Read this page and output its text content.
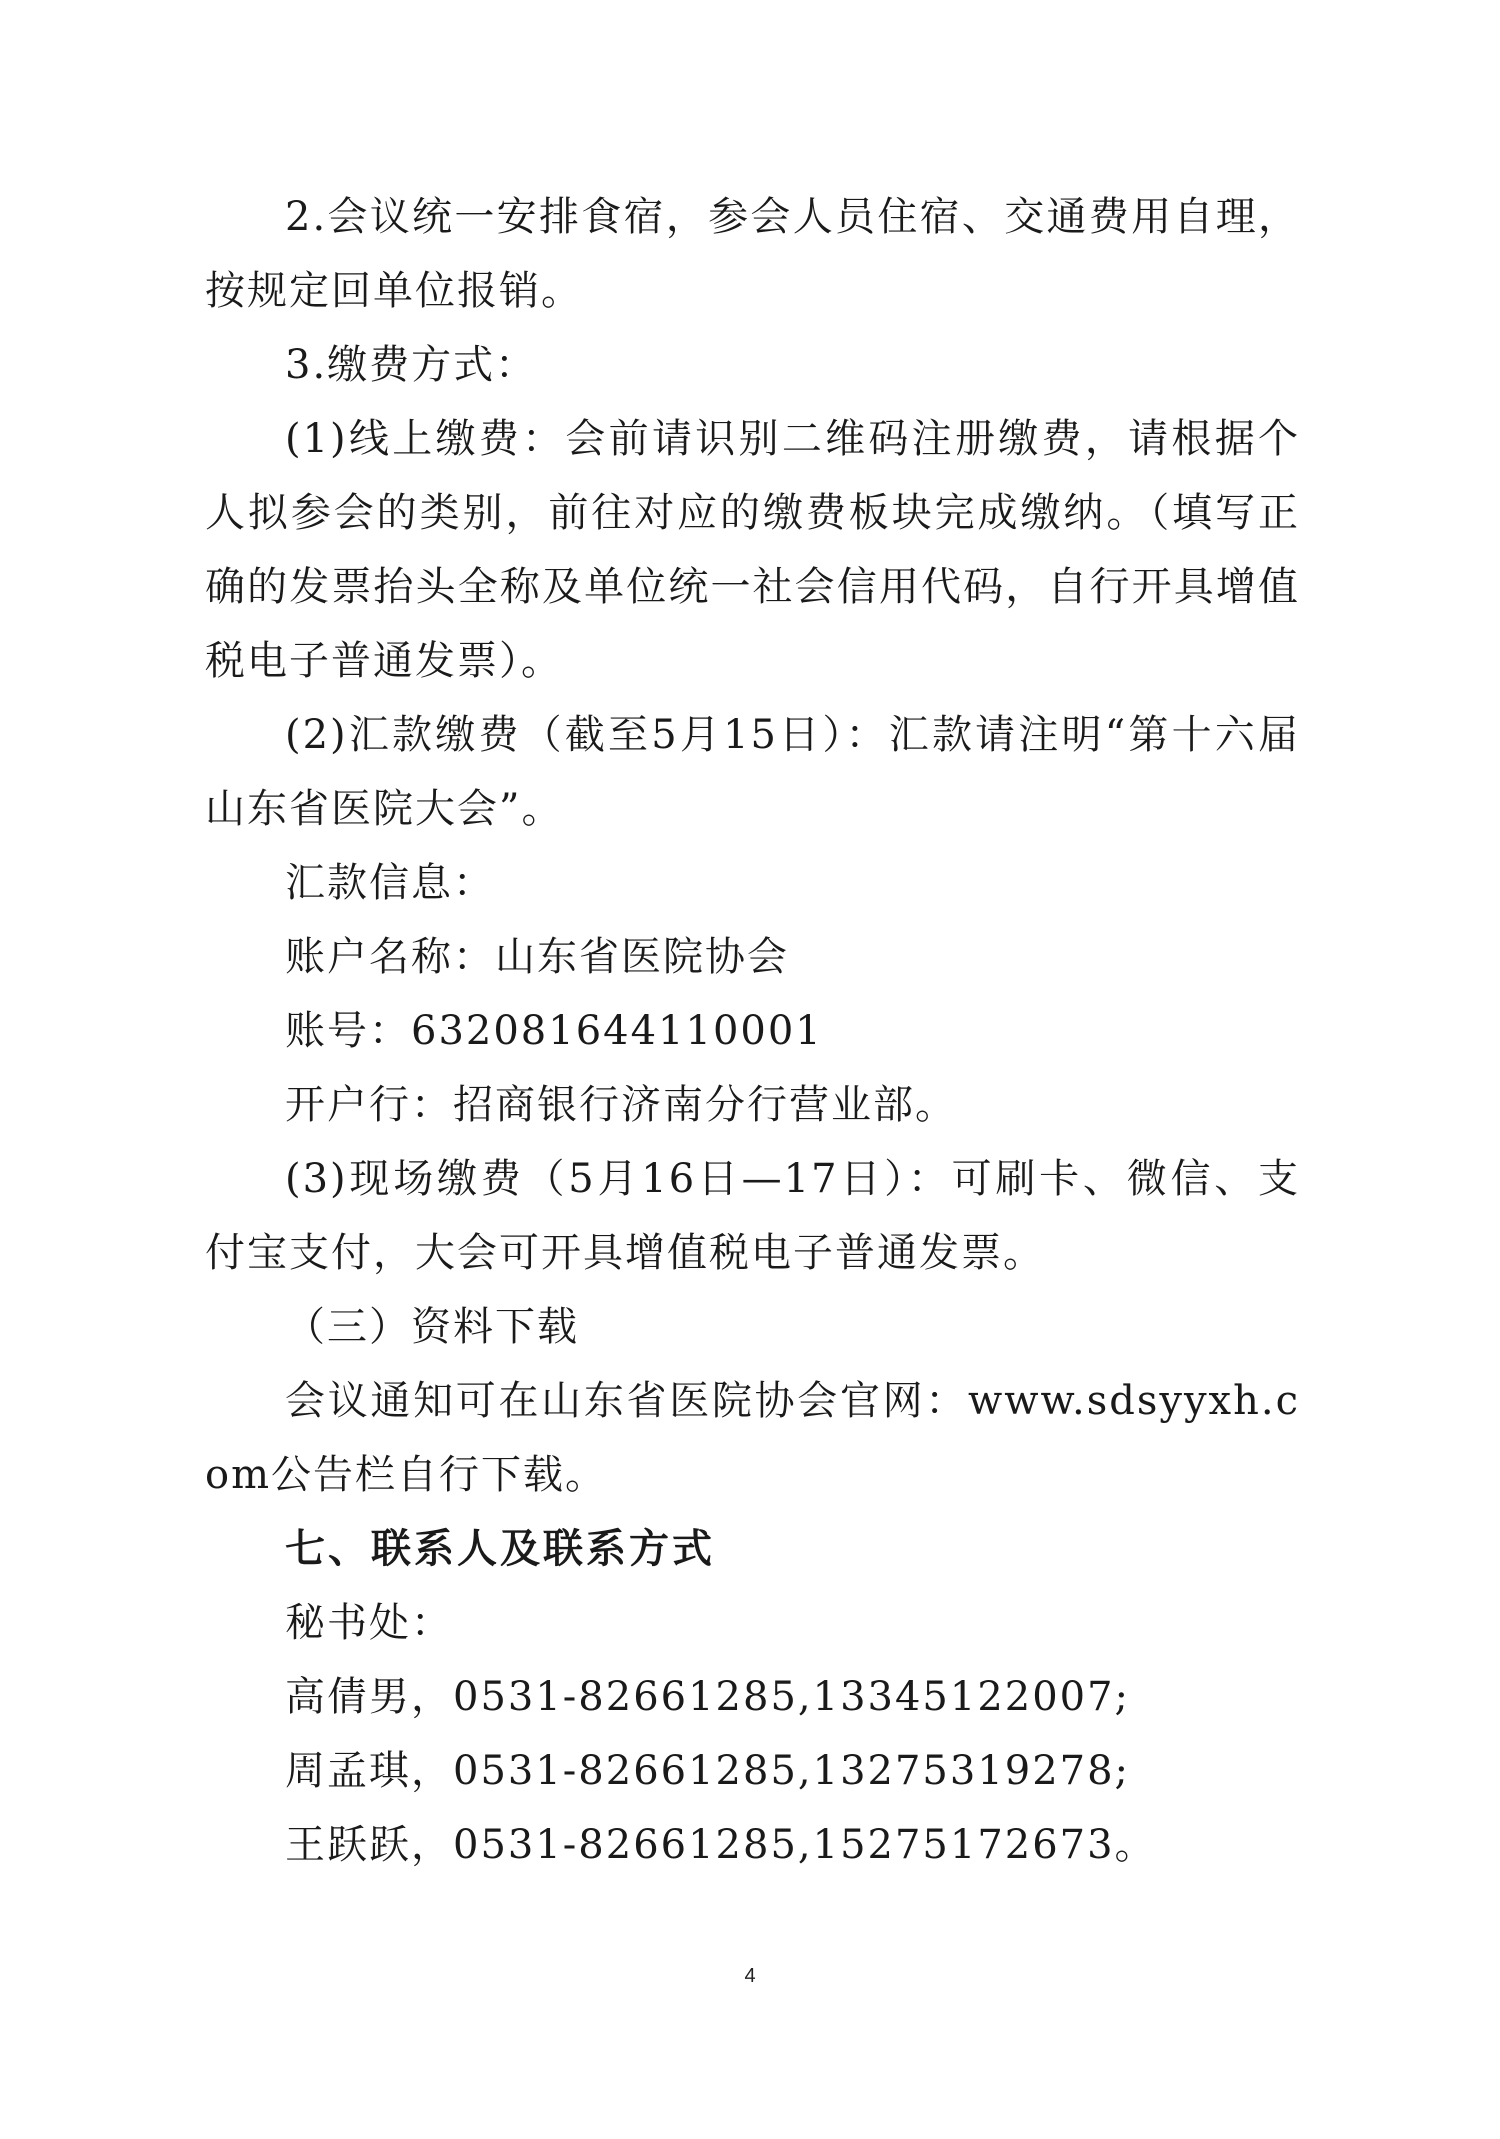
2.会议统一安排食宿，参会人员住宿、交通费用自理，按规定回单位报销。

3.缴费方式：

(1)线上缴费：会前请识别二维码注册缴费，请根据个人拟参会的类别，前往对应的缴费板块完成缴纳。（填写正确的发票抬头全称及单位统一社会信用代码，自行开具增值税电子普通发票）。

(2)汇款缴费（截至5月15日）：汇款请注明“第十六届山东省医院大会”。

汇款信息：

账户名称：山东省医院协会

账号：632081644110001

开户行：招商银行济南分行营业部。

(3)现场缴费（5月16日—17日）：可刷卡、微信、支付宝支付，大会可开具增值税电子普通发票。

（三）资料下载

会议通知可在山东省医院协会官网：www.sdsyyxh.com公告栏自行下载。

七、联系人及联系方式

秘书处：

高倩男，0531-82661285,13345122007;

周孟琪，0531-82661285,13275319278;

王跃跃，0531-82661285,15275172673。

4
